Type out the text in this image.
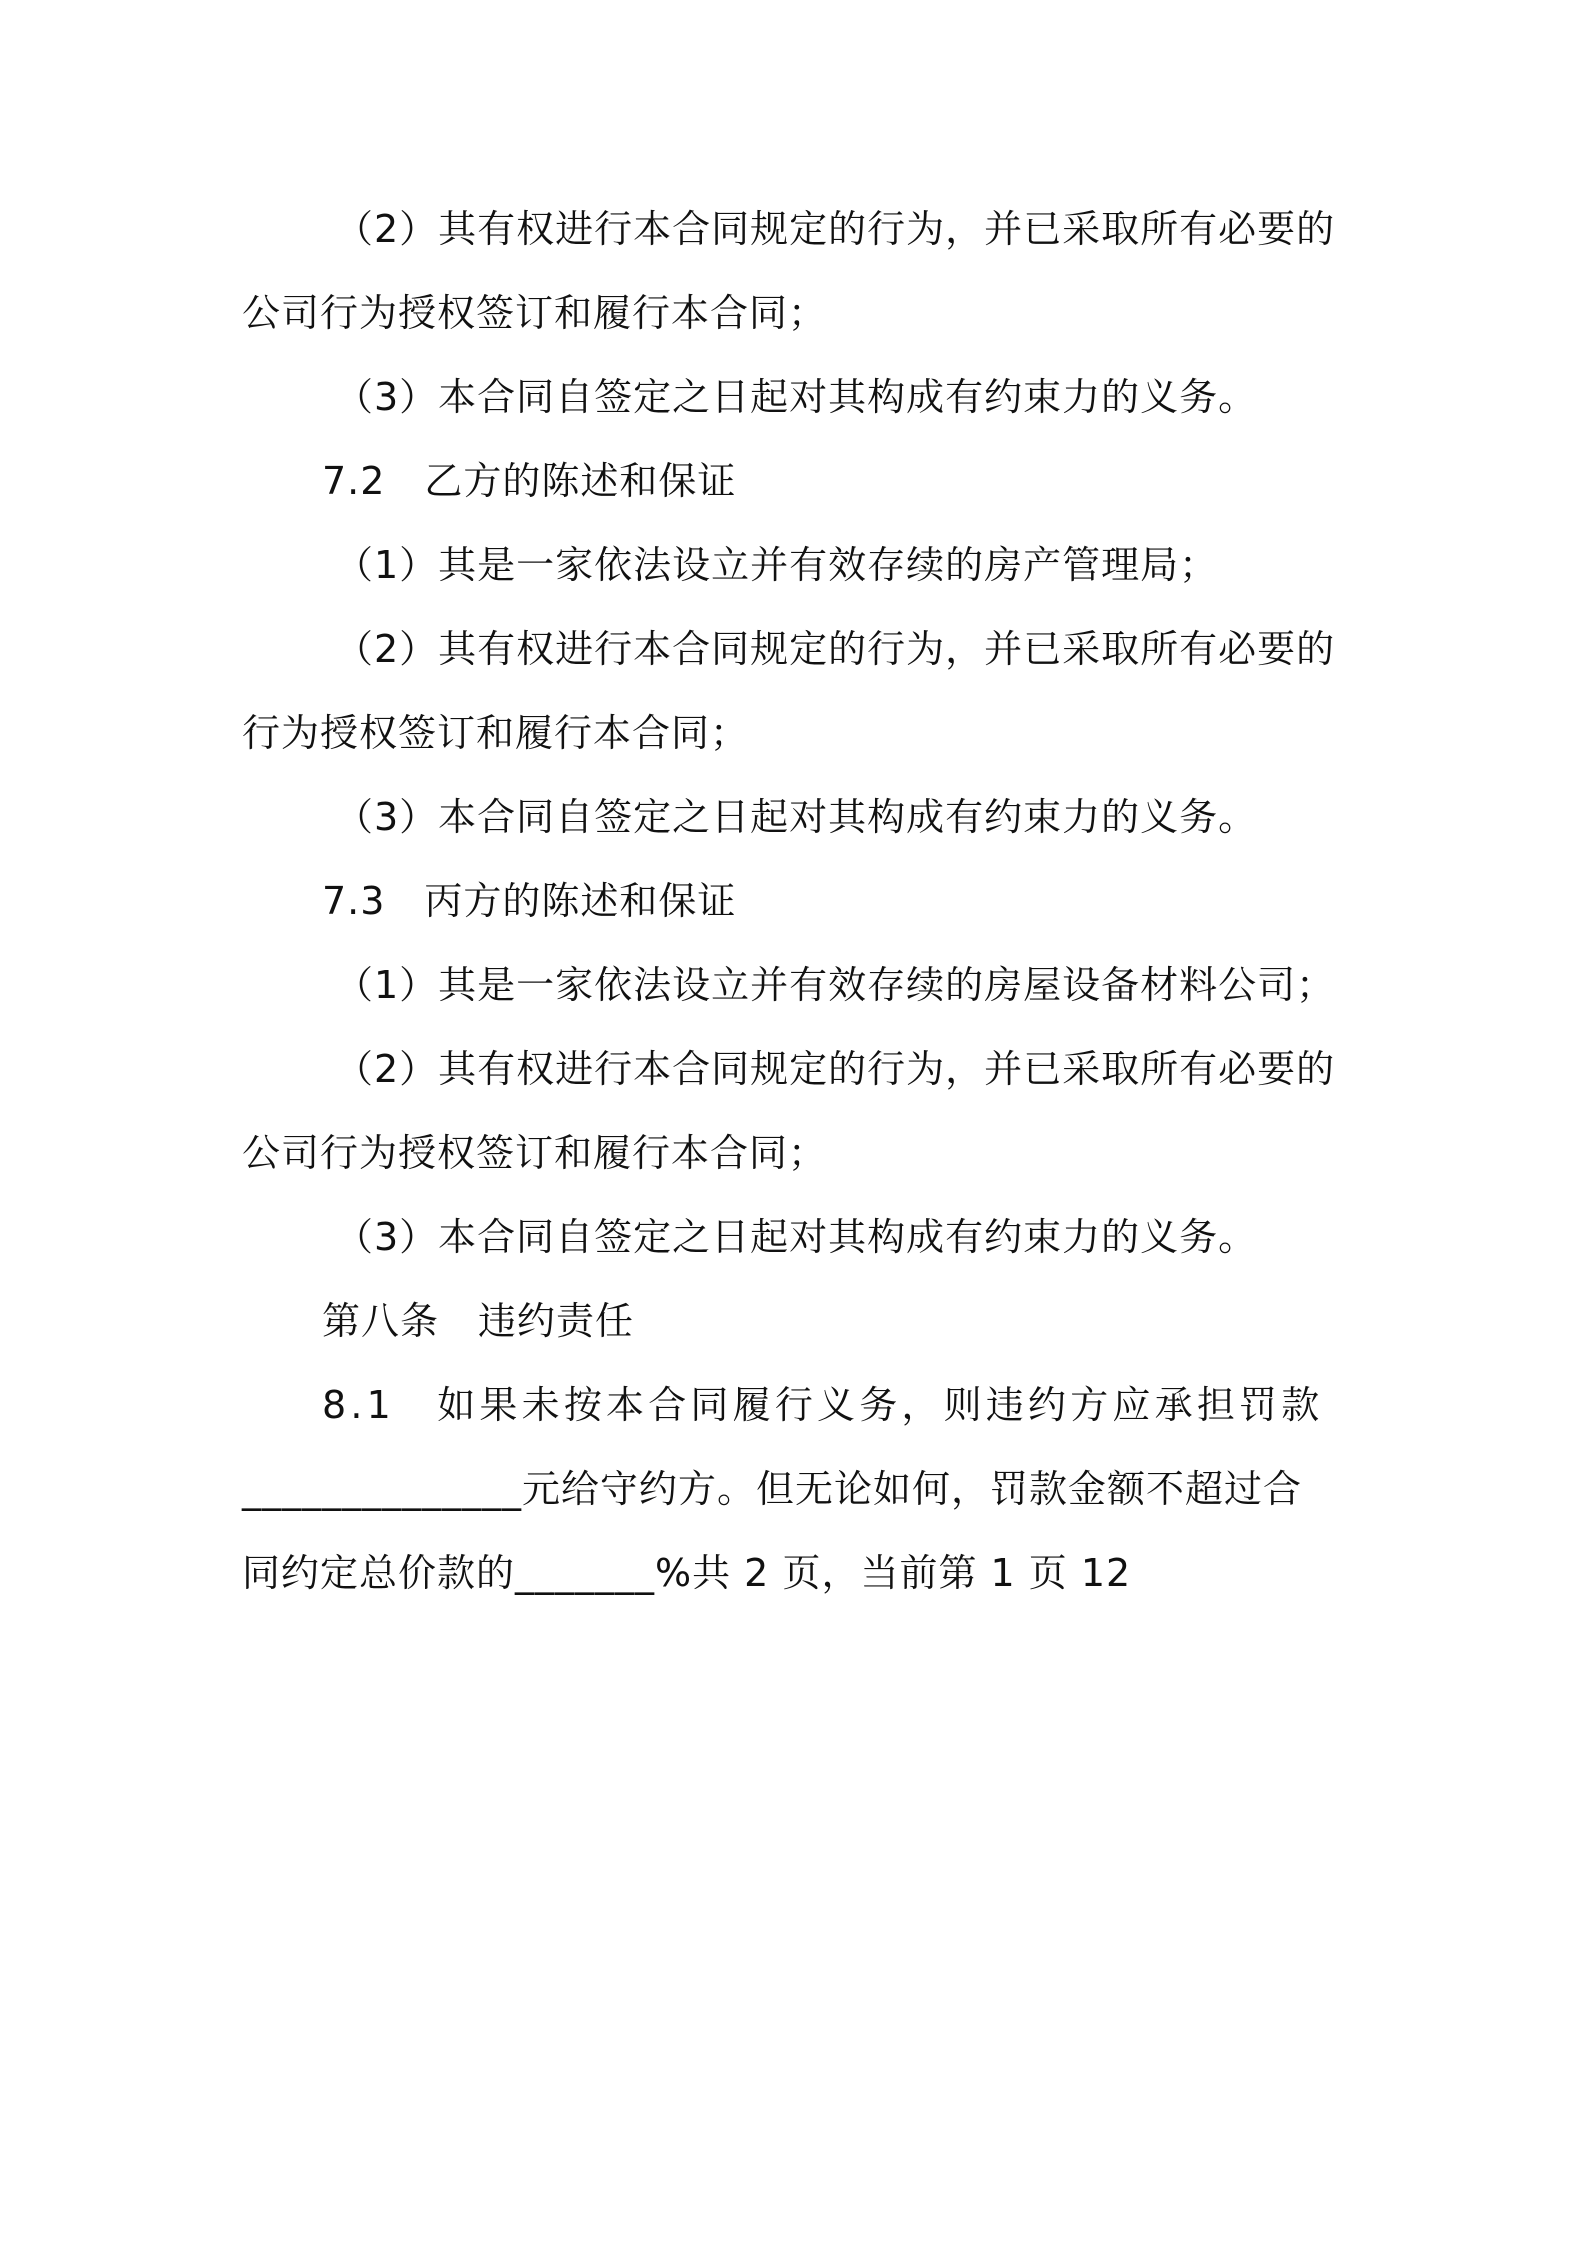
（2）其有权进行本合同规定的行为，并已采取所有必要的
公司行为授权签订和履行本合同；
（3）本合同自签定之日起对其构成有约束力的义务。
7.2　乙方的陈述和保证
（1）其是一家依法设立并有效存续的房产管理局；
（2）其有权进行本合同规定的行为，并已采取所有必要的
行为授权签订和履行本合同；
（3）本合同自签定之日起对其构成有约束力的义务。
7.3　丙方的陈述和保证
（1）其是一家依法设立并有效存续的房屋设备材料公司；
（2）其有权进行本合同规定的行为，并已采取所有必要的
公司行为授权签订和履行本合同；
（3）本合同自签定之日起对其构成有约束力的义务。
第八条　违约责任
8.1　如果未按本合同履行义务，则违约方应承担罚款
______________元给守约方。但无论如何，罚款金额不超过合
同约定总价款的_______%共 2 页，当前第 1 页 12
